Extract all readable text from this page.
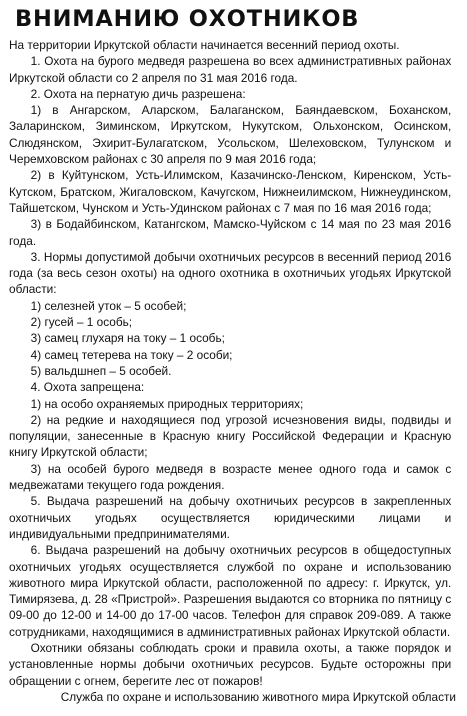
ВНИМАНИЮ ОХОТНИКОВ

На территории Иркутской области начинается весенний период охоты.

1. Охота на бурого медведя разрешена во всех административных районах Иркутской области со 2 апреля по 31 мая 2016 года.

2. Охота на пернатую дичь разрешена:

1) в Ангарском, Аларском, Балаганском, Баяндаевском, Боханском, Заларинском, Зиминском, Иркутском, Нукутском, Ольхонском, Осинском, Слюдянском, Эхирит-Булагатском, Усольском, Шелеховском, Тулунском и Черемховском районах с 30 апреля по 9 мая 2016 года;

2) в Куйтунском, Усть-Илимском, Казачинско-Ленском, Киренском, Усть-Кутском, Братском, Жигаловском, Качугском, Нижнеилимском, Нижнеудинском, Тайшетском, Чунском и Усть-Удинском районах с 7 мая по 16 мая 2016 года;

3) в Бодайбинском, Катангском, Мамско-Чуйском с 14 мая по 23 мая 2016 года.

3. Нормы допустимой добычи охотничьих ресурсов в весенний период 2016 года (за весь сезон охоты) на одного охотника в охотничьих угодьях Иркутской области:

1) селезней уток – 5 особей;

2) гусей – 1 особь;

3) самец глухаря на току – 1 особь;

4) самец тетерева на току – 2 особи;

5) вальдшнеп – 5 особей.

4. Охота запрещена:

1) на особо охраняемых природных территориях;

2) на редкие и находящиеся под угрозой исчезновения виды, подвиды и популяции, занесенные в Красную книгу Российской Федерации и Красную книгу Иркутской области;

3) на особей бурого медведя в возрасте менее одного года и самок с медвежатами текущего года рождения.

5. Выдача разрешений на добычу охотничьих ресурсов в закрепленных охотничьих угодьях осуществляется юридическими лицами и индивидуальными предпринимателями.

6. Выдача разрешений на добычу охотничьих ресурсов в общедоступных охотничьих угодьях осуществляется службой по охране и использованию животного мира Иркутской области, расположенной по адресу: г. Иркутск, ул. Тимирязева, д. 28 «Пристрой». Разрешения выдаются со вторника по пятницу с 09-00 до 12-00 и 14-00 до 17-00 часов. Телефон для справок 209-089. А также сотрудниками, находящимися в административных районах Иркутской области.

Охотники обязаны соблюдать сроки и правила охоты, а также порядок и установленные нормы добычи охотничьих ресурсов. Будьте осторожны при обращении с огнем, берегите лес от пожаров!

Служба по охране и использованию животного мира Иркутской области
